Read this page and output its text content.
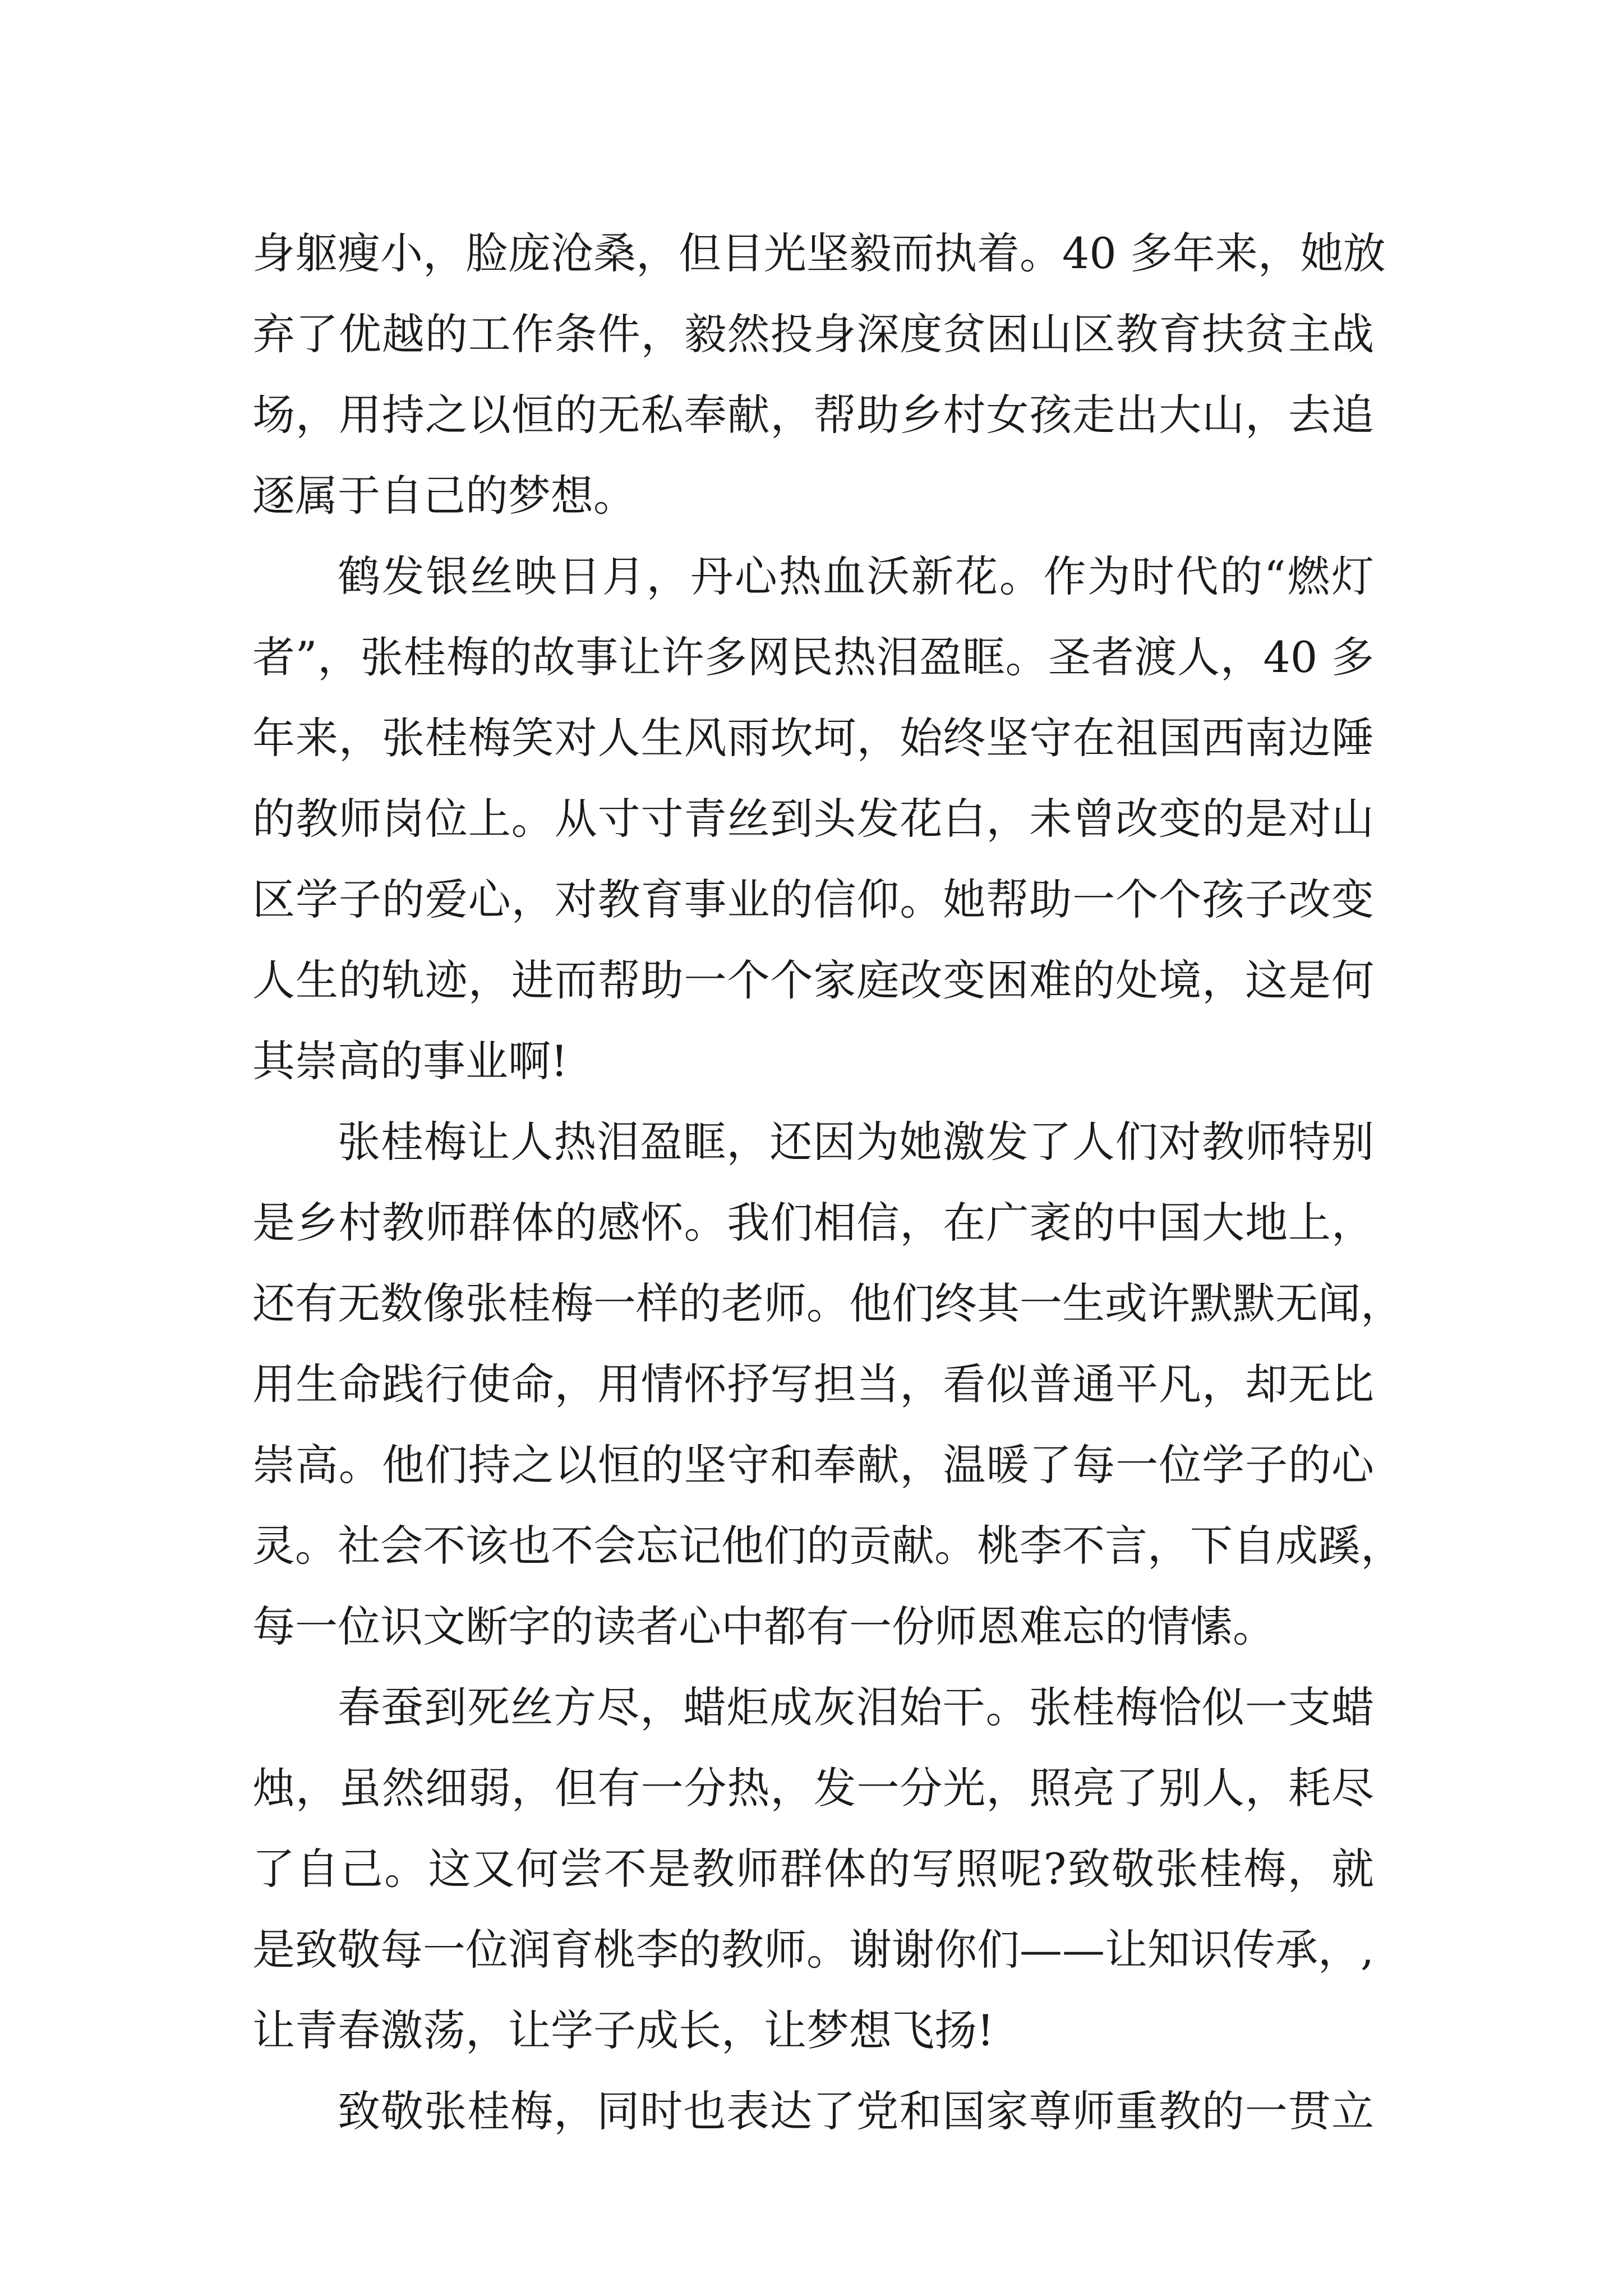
身躯瘦小，脸庞沧桑，但目光坚毅而执着。40 多年来，她放
弃了优越的工作条件，毅然投身深度贫困山区教育扶贫主战
场，用持之以恒的无私奉献，帮助乡村女孩走出大山，去追
逐属于自己的梦想。
鹤发银丝映日月，丹心热血沃新花。作为时代的“燃灯
者”，张桂梅的故事让许多网民热泪盈眶。圣者渡人，40 多
年来，张桂梅笑对人生风雨坎坷，始终坚守在祖国西南边陲
的教师岗位上。从寸寸青丝到头发花白，未曾改变的是对山
区学子的爱心，对教育事业的信仰。她帮助一个个孩子改变
人生的轨迹，进而帮助一个个家庭改变困难的处境，这是何
其崇高的事业啊!
张桂梅让人热泪盈眶，还因为她激发了人们对教师特别
是乡村教师群体的感怀。我们相信，在广袤的中国大地上，
还有无数像张桂梅一样的老师。他们终其一生或许默默无闻，
用生命践行使命，用情怀抒写担当，看似普通平凡，却无比
崇高。他们持之以恒的坚守和奉献，温暖了每一位学子的心
灵。社会不该也不会忘记他们的贡献。桃李不言，下自成蹊，
每一位识文断字的读者心中都有一份师恩难忘的情愫。
春蚕到死丝方尽，蜡炬成灰泪始干。张桂梅恰似一支蜡
烛，虽然细弱，但有一分热，发一分光，照亮了别人，耗尽
了自己。这又何尝不是教师群体的写照呢?致敬张桂梅，就
是致敬每一位润育桃李的教师。谢谢你们——让知识传承，,
让青春激荡，让学子成长，让梦想飞扬!
致敬张桂梅，同时也表达了党和国家尊师重教的一贯立
